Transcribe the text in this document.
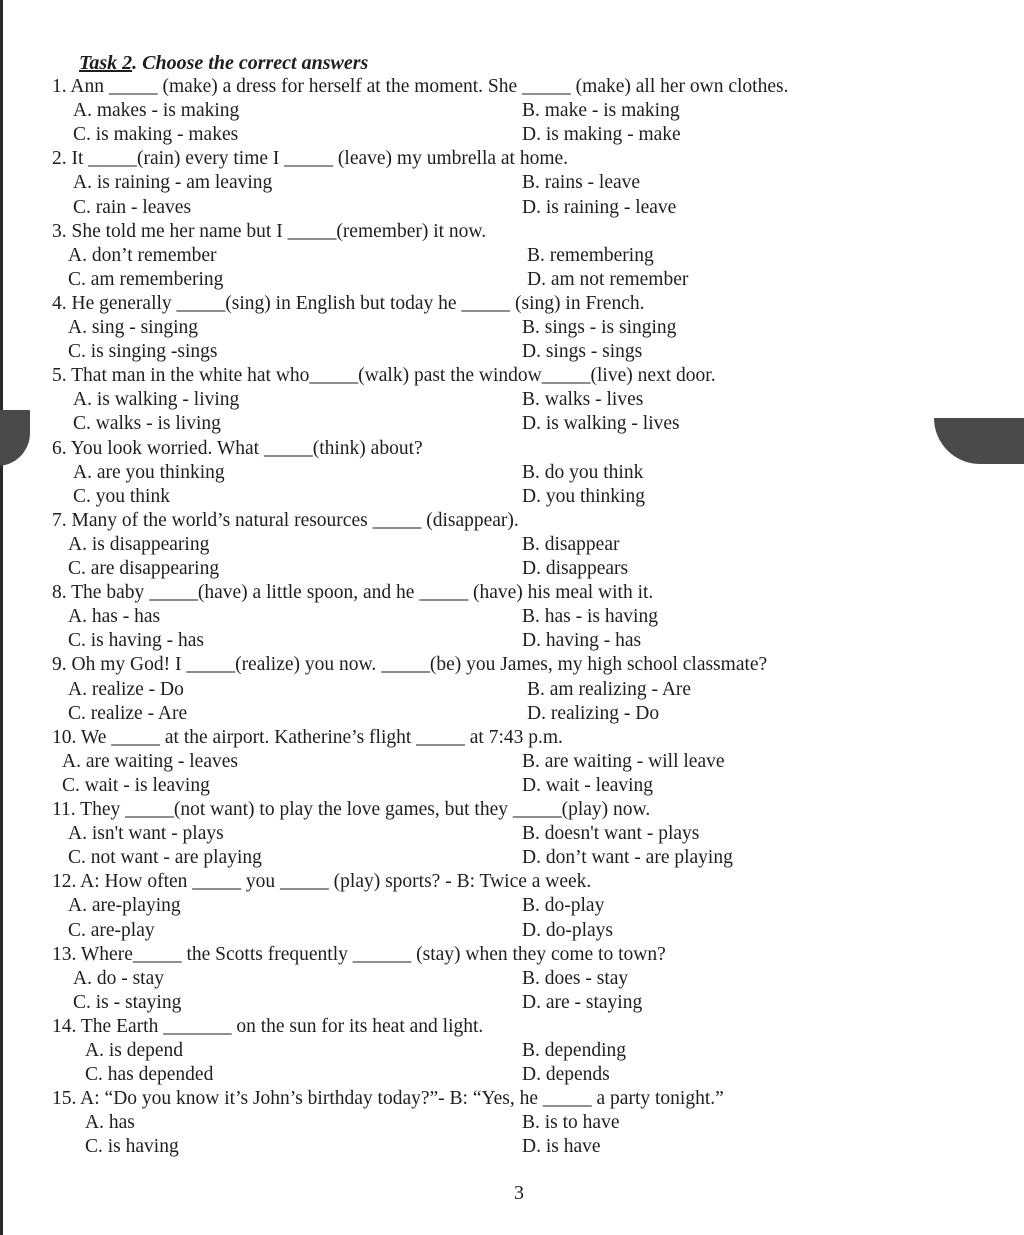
Task 2. Choose the correct answers
1. Ann _____ (make) a dress for herself at the moment. She _____ (make) all her own clothes.
A. makes - is making	B. make - is making
C. is making - makes	D. is making - make
2. It _____(rain) every time I _____ (leave) my umbrella at home.
A. is raining - am leaving	B. rains - leave
C. rain - leaves	D. is raining - leave
3. She told me her name but I _____(remember) it now.
A. don’t remember	B. remembering
C. am remembering	D. am not remember
4. He generally _____(sing) in English but today he _____ (sing) in French.
A. sing - singing	B. sings - is singing
C. is singing -sings	D. sings - sings
5. That man in the white hat who_____(walk) past the window_____(live) next door.
A. is walking - living	B. walks - lives
C. walks - is living	D. is walking - lives
6. You look worried. What _____(think) about?
A. are you thinking	B. do you think
C. you think	D. you thinking
7. Many of the world’s natural resources _____ (disappear).
A. is disappearing	B. disappear
C. are disappearing	D. disappears
8. The baby _____(have) a little spoon, and he _____ (have) his meal with it.
A. has - has	B. has - is having
C. is having - has	D. having - has
9. Oh my God! I _____(realize) you now. _____(be) you James, my high school classmate?
A. realize - Do	B. am realizing - Are
C. realize - Are	D. realizing - Do
10. We _____ at the airport. Katherine’s flight _____ at 7:43 p.m.
A. are waiting - leaves	B. are waiting - will leave
C. wait - is leaving	D. wait - leaving
11. They _____(not want) to play the love games, but they _____(play) now.
A. isn't want - plays	B. doesn't want - plays
C. not want - are playing	D. don’t want - are playing
12. A: How often _____ you _____ (play) sports? - B: Twice a week.
A. are-playing	B. do-play
C. are-play	D. do-plays
13. Where_____ the Scotts frequently ______ (stay) when they come to town?
A. do - stay	B. does - stay
C. is - staying	D. are - staying
14. The Earth _______ on the sun for its heat and light.
A. is depend	B. depending
C. has depended	D. depends
15. A: “Do you know it’s John’s birthday today?”- B: “Yes, he _____ a party tonight.”
A. has	B. is to have
C. is having	D. is have
3
